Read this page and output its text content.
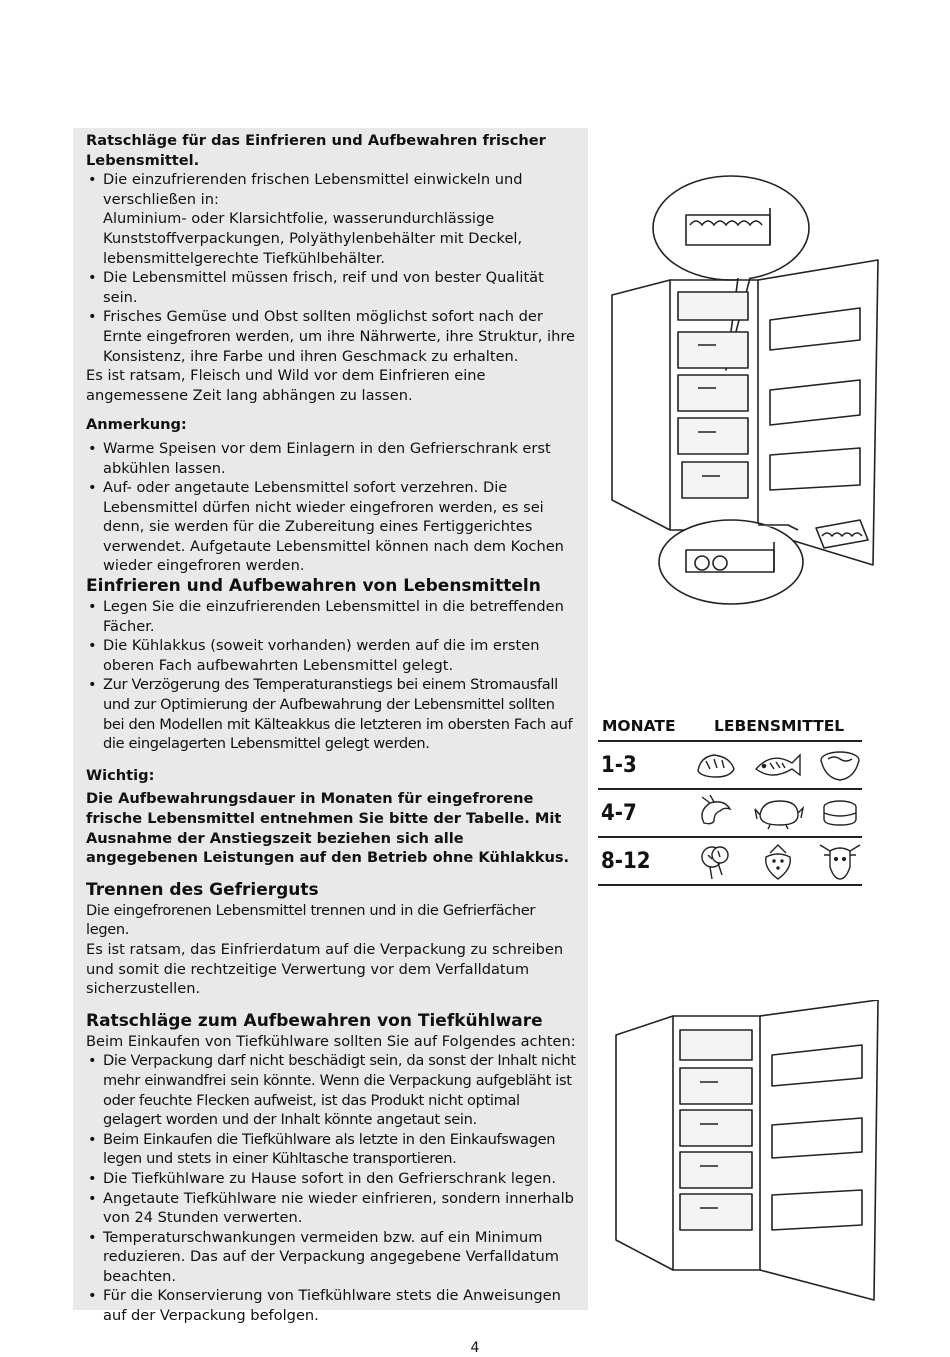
Ratschläge für das Einfrieren und Aufbewahren frischer Lebensmittel.

• Die einzufrierenden frischen Lebensmittel einwickeln und verschließen in:
Aluminium- oder Klarsichtfolie, wasserundurchlässige Kunststoffverpackungen, Polyäthylenbehälter mit Deckel, lebensmittelgerechte Tiefkühlbehälter.
• Die Lebensmittel müssen frisch, reif und von bester Qualität sein.
• Frisches Gemüse und Obst sollten möglichst sofort nach der Ernte eingefroren werden, um ihre Nährwerte, ihre Struktur, ihre Konsistenz, ihre Farbe und ihren Geschmack zu erhalten.

Es ist ratsam, Fleisch und Wild vor dem Einfrieren eine angemessene Zeit lang abhängen zu lassen.

Anmerkung:

• Warme Speisen vor dem Einlagern in den Gefrierschrank erst abkühlen lassen.
• Auf- oder angetaute Lebensmittel sofort verzehren. Die Lebensmittel dürfen nicht wieder eingefroren werden, es sei denn, sie werden für die Zubereitung eines Fertiggerichtes verwendet. Aufgetaute Lebensmittel können nach dem Kochen wieder eingefroren werden.
Einfrieren und Aufbewahren von Lebensmitteln
• Legen Sie die einzufrierenden Lebensmittel in die betreffenden Fächer.
• Die Kühlakkus (soweit vorhanden) werden auf die im ersten oberen Fach aufbewahrten Lebensmittel gelegt.
• Zur Verzögerung des Temperaturanstiegs bei einem Stromausfall und zur Optimierung der Aufbewahrung der Lebensmittel sollten bei den Modellen mit Kälteakkus die letzteren im obersten Fach auf die eingelagerten Lebensmittel gelegt werden.

Wichtig:

Die Aufbewahrungsdauer in Monaten für eingefrorene frische Lebensmittel entnehmen Sie bitte der Tabelle. Mit Ausnahme der Anstiegszeit beziehen sich alle angegebenen Leistungen auf den Betrieb ohne Kühlakkus.

Trennen des Gefrierguts

Die eingefrorenen Lebensmittel trennen und in die Gefrierfächer legen.

Es ist ratsam, das Einfrierdatum auf die Verpackung zu schreiben und somit die rechtzeitige Verwertung vor dem Verfalldatum sicherzustellen.

Ratschläge zum Aufbewahren von Tiefkühlware

Beim Einkaufen von Tiefkühlware sollten Sie auf Folgendes achten:

• Die Verpackung darf nicht beschädigt sein, da sonst der Inhalt nicht mehr einwandfrei sein könnte. Wenn die Verpackung aufgebläht ist oder feuchte Flecken aufweist, ist das Produkt nicht optimal gelagert worden und der Inhalt könnte angetaut sein.
• Beim Einkaufen die Tiefkühlware als letzte in den Einkaufswagen legen und stets in einer Kühltasche transportieren.
• Die Tiefkühlware zu Hause sofort in den Gefrierschrank legen.
• Angetaute Tiefkühlware nie wieder einfrieren, sondern innerhalb von 24 Stunden verwerten.
• Temperaturschwankungen vermeiden bzw. auf ein Minimum reduzieren. Das auf der Verpackung angegebene Verfalldatum beachten.
• Für die Konservierung von Tiefkühlware stets die Anweisungen auf der Verpackung befolgen.
MONATE	LEBENSMITTEL
1-3
4-7
8-12
4
